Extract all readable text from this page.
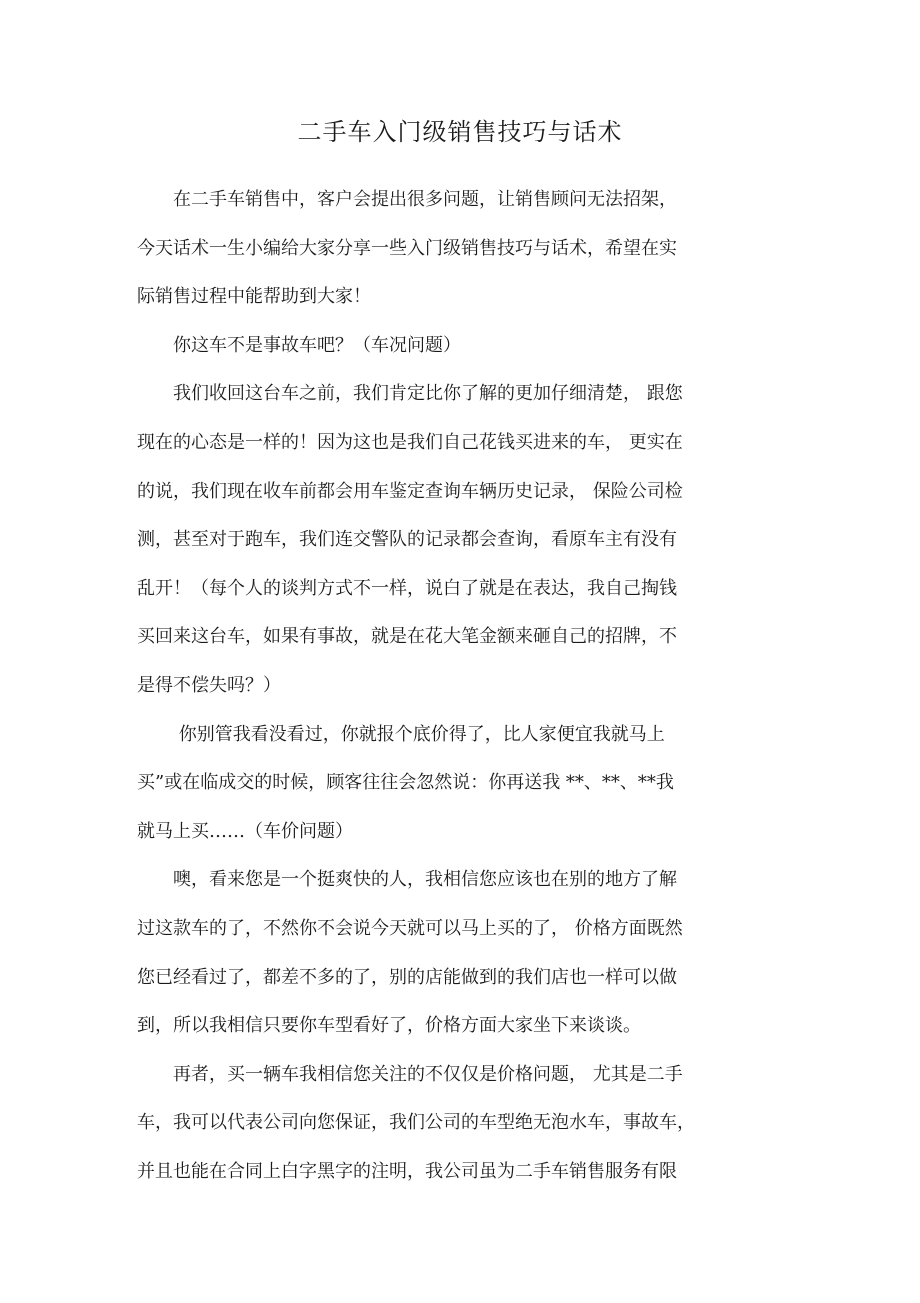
二手车入门级销售技巧与话术
　　在二手车销售中，客户会提出很多问题，让销售顾问无法招架，
今天话术一生小编给大家分享一些入门级销售技巧与话术，希望在实
际销售过程中能帮助到大家！
　　你这车不是事故车吧？（车况问题）
　　我们收回这台车之前，我们肯定比你了解的更加仔细清楚， 跟您
现在的心态是一样的！因为这也是我们自己花钱买进来的车， 更实在
的说，我们现在收车前都会用车鉴定查询车辆历史记录， 保险公司检
测，甚至对于跑车，我们连交警队的记录都会查询，看原车主有没有
乱开！（每个人的谈判方式不一样，说白了就是在表达，我自己掏钱
买回来这台车，如果有事故，就是在花大笔金额来砸自己的招牌，不
是得不偿失吗？）
　　 你别管我看没看过，你就报个底价得了，比人家便宜我就马上
买”或在临成交的时候，顾客往往会忽然说：你再送我 **、**、**我
就马上买……（车价问题）
　　噢，看来您是一个挺爽快的人，我相信您应该也在别的地方了解
过这款车的了，不然你不会说今天就可以马上买的了， 价格方面既然
您已经看过了，都差不多的了，别的店能做到的我们店也一样可以做
到，所以我相信只要你车型看好了，价格方面大家坐下来谈谈。
　　再者，买一辆车我相信您关注的不仅仅是价格问题， 尤其是二手
车，我可以代表公司向您保证，我们公司的车型绝无泡水车，事故车，
并且也能在合同上白字黑字的注明，我公司虽为二手车销售服务有限
